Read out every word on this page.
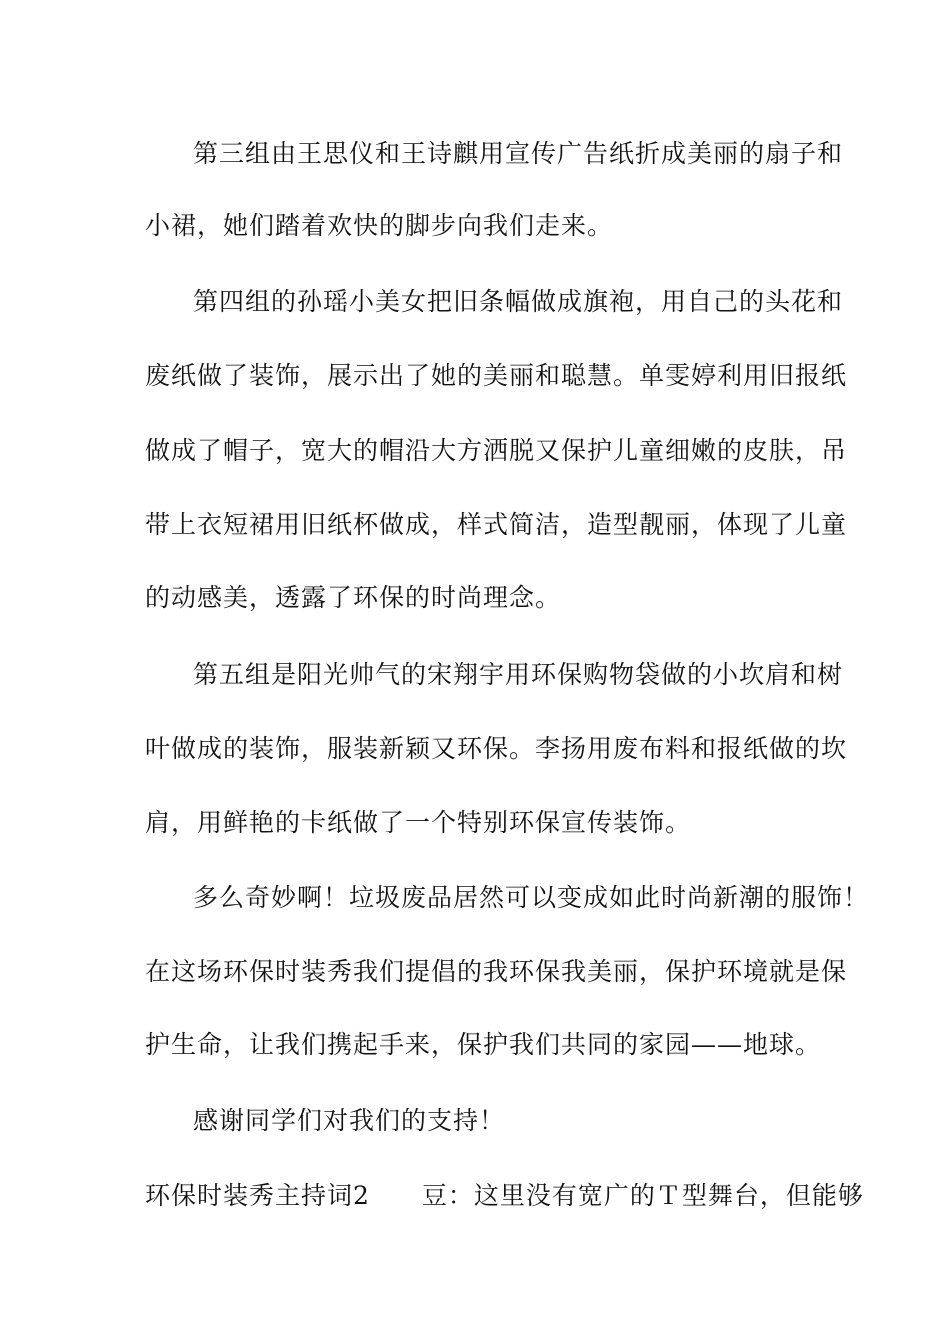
第三组由王思仪和王诗麒用宣传广告纸折成美丽的扇子和
小裙，她们踏着欢快的脚步向我们走来。
第四组的孙瑶小美女把旧条幅做成旗袍，用自己的头花和
废纸做了装饰，展示出了她的美丽和聪慧。单雯婷利用旧报纸
做成了帽子，宽大的帽沿大方洒脱又保护儿童细嫩的皮肤，吊
带上衣短裙用旧纸杯做成，样式简洁，造型靓丽，体现了儿童
的动感美，透露了环保的时尚理念。
第五组是阳光帅气的宋翔宇用环保购物袋做的小坎肩和树
叶做成的装饰，服装新颖又环保。李扬用废布料和报纸做的坎
肩，用鲜艳的卡纸做了一个特别环保宣传装饰。
多么奇妙啊！垃圾废品居然可以变成如此时尚新潮的服饰！
在这场环保时装秀我们提倡的我环保我美丽，保护环境就是保
护生命，让我们携起手来，保护我们共同的家园——地球。
感谢同学们对我们的支持！
环保时装秀主持词2　　豆：这里没有宽广的Ｔ型舞台，但能够
